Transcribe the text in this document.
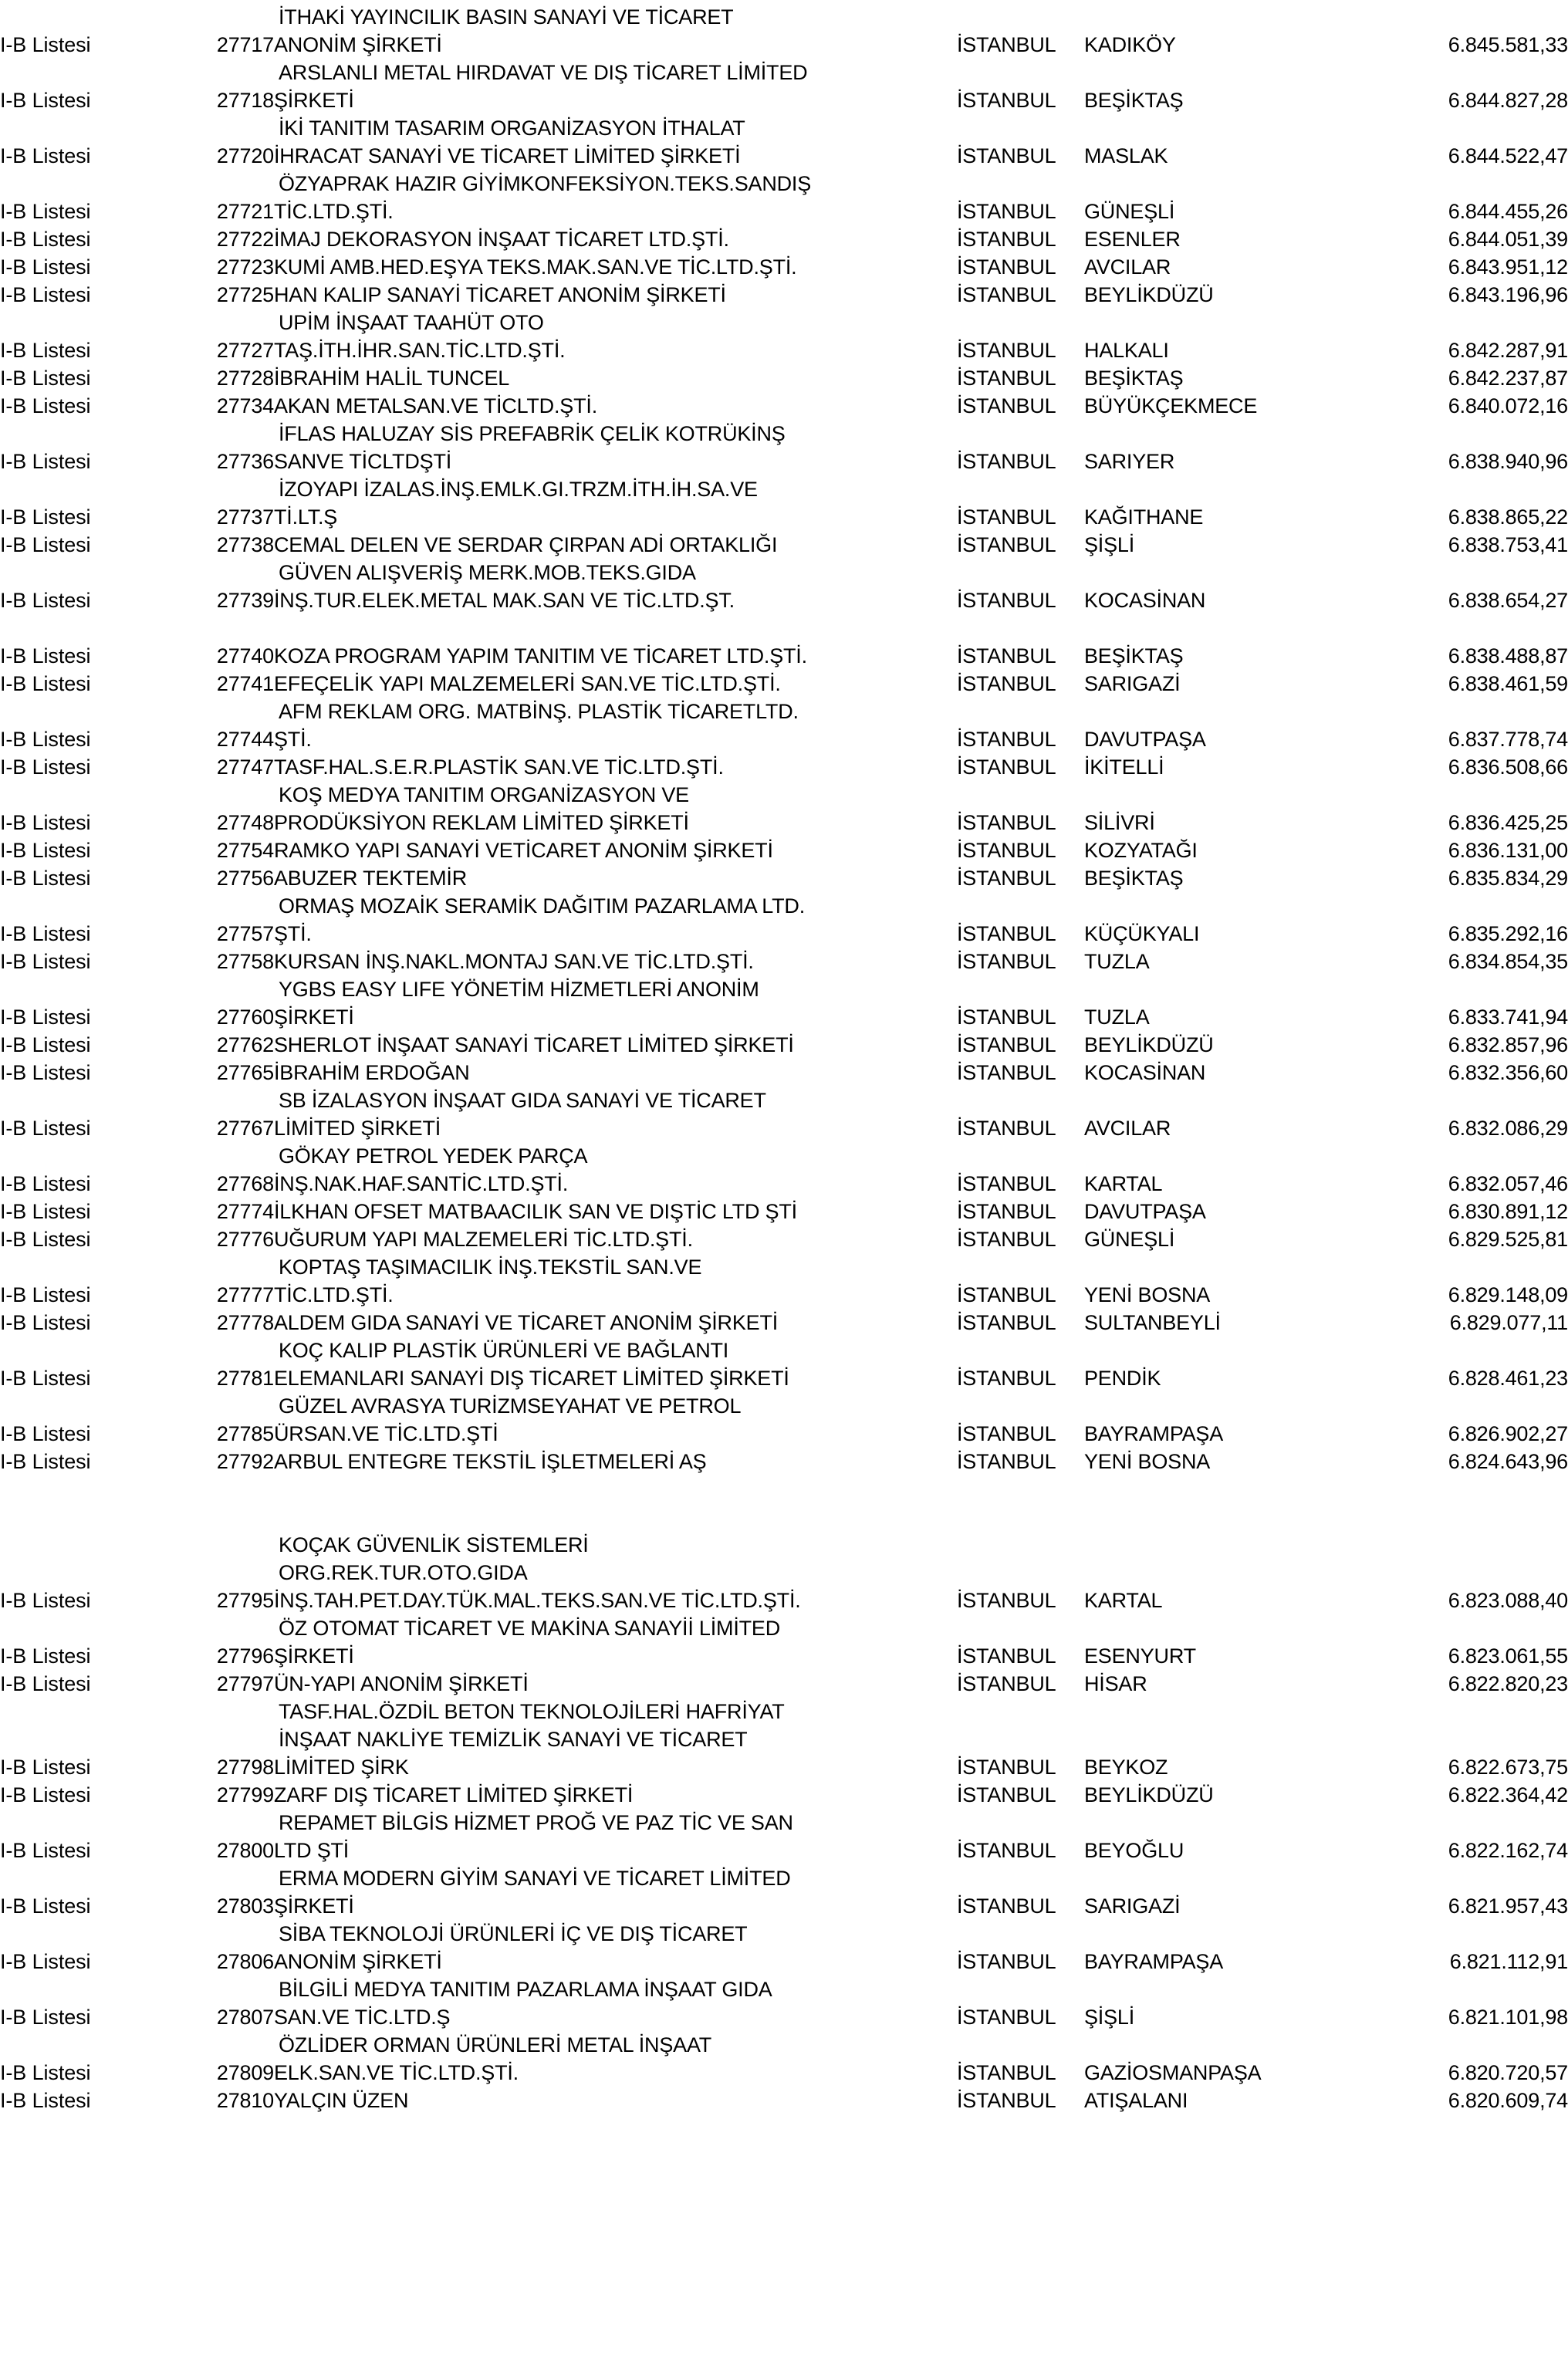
			İTHAKİ YAYINCILIK BASIN SANAYİ VE TİCARET			
I-B Listesi		27717	ANONİM ŞİRKETİ	İSTANBUL	KADIKÖY	6.845.581,33
			ARSLANLI METAL HIRDAVAT VE DIŞ TİCARET LİMİTED			
I-B Listesi		27718	ŞİRKETİ	İSTANBUL	BEŞİKTAŞ	6.844.827,28
			İKİ TANITIM TASARIM ORGANİZASYON İTHALAT			
I-B Listesi		27720	İHRACAT SANAYİ VE TİCARET LİMİTED ŞİRKETİ	İSTANBUL	MASLAK	6.844.522,47
			ÖZYAPRAK HAZIR GİYİMKONFEKSİYON.TEKS.SANDIŞ			
I-B Listesi		27721	TİC.LTD.ŞTİ.	İSTANBUL	GÜNEŞLİ	6.844.455,26
I-B Listesi		27722	İMAJ DEKORASYON İNŞAAT TİCARET LTD.ŞTİ.	İSTANBUL	ESENLER	6.844.051,39
I-B Listesi		27723	KUMİ AMB.HED.EŞYA TEKS.MAK.SAN.VE TİC.LTD.ŞTİ.	İSTANBUL	AVCILAR	6.843.951,12
I-B Listesi		27725	HAN KALIP SANAYİ TİCARET ANONİM ŞİRKETİ	İSTANBUL	BEYLİKDÜZÜ	6.843.196,96
			UPİM İNŞAAT TAAHÜT OTO			
I-B Listesi		27727	TAŞ.İTH.İHR.SAN.TİC.LTD.ŞTİ.	İSTANBUL	HALKALI	6.842.287,91
I-B Listesi		27728	İBRAHİM HALİL TUNCEL	İSTANBUL	BEŞİKTAŞ	6.842.237,87
I-B Listesi		27734	AKAN METALSAN.VE TİCLTD.ŞTİ.	İSTANBUL	BÜYÜKÇEKMECE	6.840.072,16
			İFLAS HALUZAY SİS PREFABRİK ÇELİK KOTRÜKİNŞ			
I-B Listesi		27736	SANVE TİCLTDŞTİ	İSTANBUL	SARIYER	6.838.940,96
			İZOYAPI İZALAS.İNŞ.EMLK.GI.TRZM.İTH.İH.SA.VE			
I-B Listesi		27737	Tİ.LT.Ş	İSTANBUL	KAĞITHANE	6.838.865,22
I-B Listesi		27738	CEMAL DELEN VE SERDAR ÇIRPAN ADİ ORTAKLIĞI	İSTANBUL	ŞİŞLİ	6.838.753,41
			GÜVEN ALIŞVERİŞ MERK.MOB.TEKS.GIDA			
I-B Listesi		27739	İNŞ.TUR.ELEK.METAL MAK.SAN VE TİC.LTD.ŞT.	İSTANBUL	KOCASİNAN	6.838.654,27

I-B Listesi		27740	KOZA PROGRAM YAPIM TANITIM VE TİCARET LTD.ŞTİ.	İSTANBUL	BEŞİKTAŞ	6.838.488,87
I-B Listesi		27741	EFEÇELİK YAPI MALZEMELERİ SAN.VE TİC.LTD.ŞTİ.	İSTANBUL	SARIGAZİ	6.838.461,59
			AFM REKLAM ORG. MATBİNŞ. PLASTİK TİCARETLTD.			
I-B Listesi		27744	ŞTİ.	İSTANBUL	DAVUTPAŞA	6.837.778,74
I-B Listesi		27747	TASF.HAL.S.E.R.PLASTİK SAN.VE TİC.LTD.ŞTİ.	İSTANBUL	İKİTELLİ	6.836.508,66
			KOŞ MEDYA TANITIM ORGANİZASYON VE			
I-B Listesi		27748	PRODÜKSİYON REKLAM LİMİTED ŞİRKETİ	İSTANBUL	SİLİVRİ	6.836.425,25
I-B Listesi		27754	RAMKO YAPI SANAYİ VETİCARET ANONİM ŞİRKETİ	İSTANBUL	KOZYATAĞI	6.836.131,00
I-B Listesi		27756	ABUZER TEKTEMİR	İSTANBUL	BEŞİKTAŞ	6.835.834,29
			ORMAŞ MOZAİK SERAMİK DAĞITIM PAZARLAMA LTD.			
I-B Listesi		27757	ŞTİ.	İSTANBUL	KÜÇÜKYALI	6.835.292,16
I-B Listesi		27758	KURSAN İNŞ.NAKL.MONTAJ SAN.VE TİC.LTD.ŞTİ.	İSTANBUL	TUZLA	6.834.854,35
			YGBS EASY LIFE YÖNETİM HİZMETLERİ ANONİM			
I-B Listesi		27760	ŞİRKETİ	İSTANBUL	TUZLA	6.833.741,94
I-B Listesi		27762	SHERLOT İNŞAAT SANAYİ TİCARET LİMİTED ŞİRKETİ	İSTANBUL	BEYLİKDÜZÜ	6.832.857,96
I-B Listesi		27765	İBRAHİM ERDOĞAN	İSTANBUL	KOCASİNAN	6.832.356,60
			SB İZALASYON İNŞAAT GIDA SANAYİ VE TİCARET			
I-B Listesi		27767	LİMİTED ŞİRKETİ	İSTANBUL	AVCILAR	6.832.086,29
			GÖKAY PETROL YEDEK PARÇA			
I-B Listesi		27768	İNŞ.NAK.HAF.SANTİC.LTD.ŞTİ.	İSTANBUL	KARTAL	6.832.057,46
I-B Listesi		27774	İLKHAN OFSET MATBAACILIK SAN VE DIŞTİC LTD ŞTİ	İSTANBUL	DAVUTPAŞA	6.830.891,12
I-B Listesi		27776	UĞURUM YAPI MALZEMELERİ TİC.LTD.ŞTİ.	İSTANBUL	GÜNEŞLİ	6.829.525,81
			KOPTAŞ TAŞIMACILIK İNŞ.TEKSTİL SAN.VE			
I-B Listesi		27777	TİC.LTD.ŞTİ.	İSTANBUL	YENİ BOSNA	6.829.148,09
I-B Listesi		27778	ALDEM GIDA SANAYİ VE TİCARET ANONİM ŞİRKETİ	İSTANBUL	SULTANBEYLİ	6.829.077,11
			KOÇ KALIP PLASTİK ÜRÜNLERİ VE BAĞLANTI			
I-B Listesi		27781	ELEMANLARI SANAYİ DIŞ TİCARET LİMİTED ŞİRKETİ	İSTANBUL	PENDİK	6.828.461,23
			GÜZEL AVRASYA TURİZMSEYAHAT VE PETROL			
I-B Listesi		27785	ÜRSAN.VE TİC.LTD.ŞTİ	İSTANBUL	BAYRAMPAŞA	6.826.902,27
I-B Listesi		27792	ARBUL ENTEGRE TEKSTİL İŞLETMELERİ AŞ	İSTANBUL	YENİ BOSNA	6.824.643,96

			KOÇAK GÜVENLİK SİSTEMLERİ			
			ORG.REK.TUR.OTO.GIDA			
I-B Listesi		27795	İNŞ.TAH.PET.DAY.TÜK.MAL.TEKS.SAN.VE TİC.LTD.ŞTİ.	İSTANBUL	KARTAL	6.823.088,40
			ÖZ OTOMAT TİCARET VE MAKİNA SANAYİİ LİMİTED			
I-B Listesi		27796	ŞİRKETİ	İSTANBUL	ESENYURT	6.823.061,55
I-B Listesi		27797	ÜN-YAPI ANONİM ŞİRKETİ	İSTANBUL	HİSAR	6.822.820,23
			TASF.HAL.ÖZDİL BETON TEKNOLOJİLERİ HAFRİYAT			
			İNŞAAT NAKLİYE TEMİZLİK SANAYİ VE TİCARET			
I-B Listesi		27798	LİMİTED ŞİRK	İSTANBUL	BEYKOZ	6.822.673,75
I-B Listesi		27799	ZARF DIŞ TİCARET LİMİTED ŞİRKETİ	İSTANBUL	BEYLİKDÜZÜ	6.822.364,42
			REPAMET BİLGİS HİZMET PROĞ VE PAZ TİC VE SAN			
I-B Listesi		27800	LTD ŞTİ	İSTANBUL	BEYOĞLU	6.822.162,74
			ERMA MODERN GİYİM SANAYİ VE TİCARET LİMİTED			
I-B Listesi		27803	ŞİRKETİ	İSTANBUL	SARIGAZİ	6.821.957,43
			SİBA TEKNOLOJİ ÜRÜNLERİ İÇ VE DIŞ TİCARET			
I-B Listesi		27806	ANONİM ŞİRKETİ	İSTANBUL	BAYRAMPAŞA	6.821.112,91
			BİLGİLİ MEDYA TANITIM PAZARLAMA İNŞAAT GIDA			
I-B Listesi		27807	SAN.VE TİC.LTD.Ş	İSTANBUL	ŞİŞLİ	6.821.101,98
			ÖZLİDER ORMAN ÜRÜNLERİ METAL İNŞAAT			
I-B Listesi		27809	ELK.SAN.VE TİC.LTD.ŞTİ.	İSTANBUL	GAZİOSMANPAŞA	6.820.720,57
I-B Listesi		27810	YALÇIN ÜZEN	İSTANBUL	ATIŞALANI	6.820.609,74
